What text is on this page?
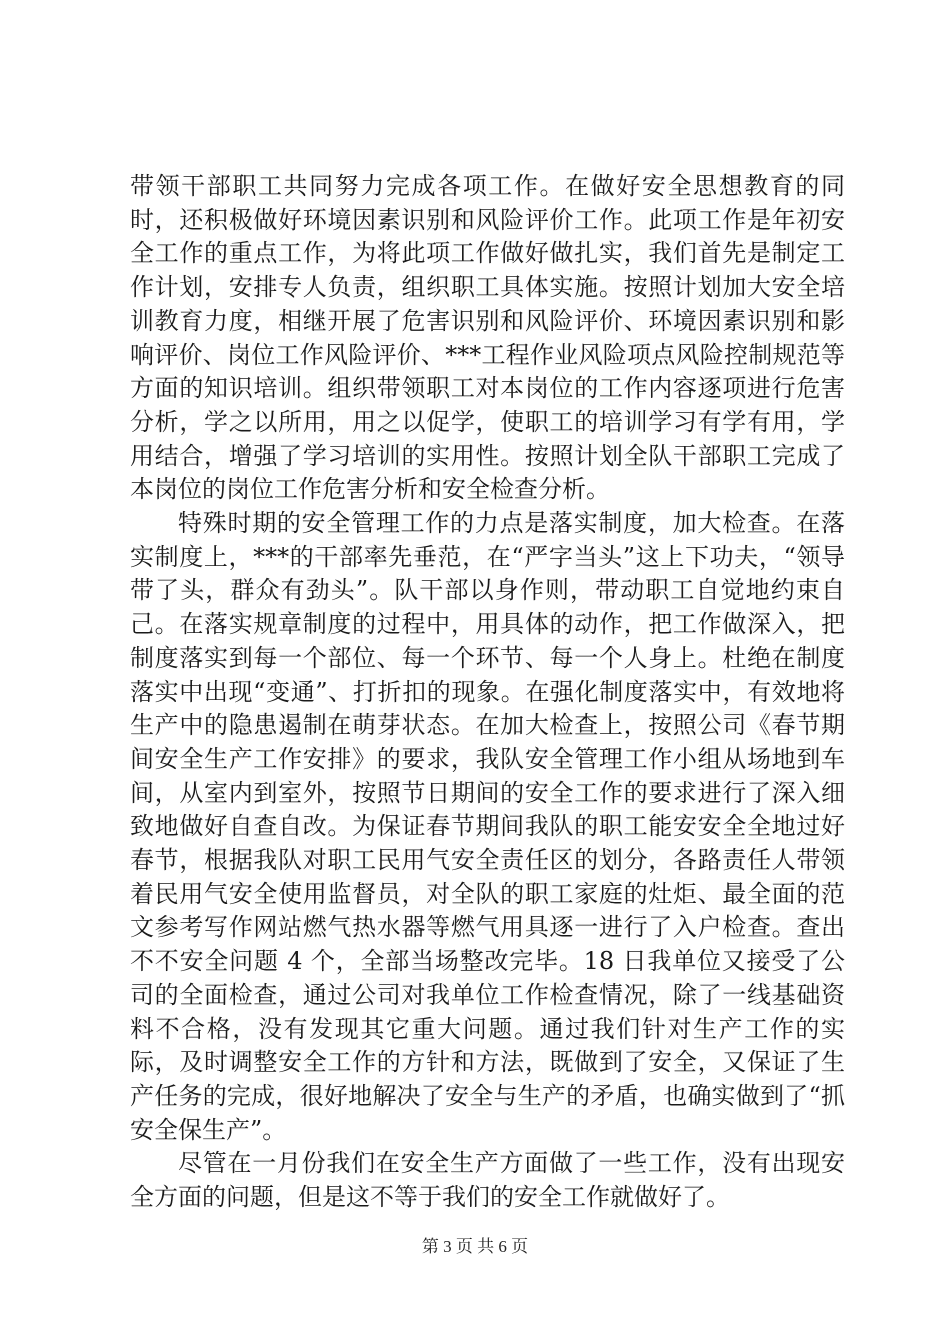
带领干部职工共同努力完成各项工作。在做好安全思想教育的同时，还积极做好环境因素识别和风险评价工作。此项工作是年初安全工作的重点工作，为将此项工作做好做扎实，我们首先是制定工作计划，安排专人负责，组织职工具体实施。按照计划加大安全培训教育力度，相继开展了危害识别和风险评价、环境因素识别和影响评价、岗位工作风险评价、***工程作业风险项点风险控制规范等方面的知识培训。组织带领职工对本岗位的工作内容逐项进行危害分析，学之以所用，用之以促学，使职工的培训学习有学有用，学用结合，增强了学习培训的实用性。按照计划全队干部职工完成了本岗位的岗位工作危害分析和安全检查分析。

特殊时期的安全管理工作的力点是落实制度，加大检查。在落实制度上，***的干部率先垂范，在“严字当头”这上下功夫，“领导带了头，群众有劲头”。队干部以身作则，带动职工自觉地约束自己。在落实规章制度的过程中，用具体的动作，把工作做深入，把制度落实到每一个部位、每一个环节、每一个人身上。杜绝在制度落实中出现“变通”、打折扣的现象。在强化制度落实中，有效地将生产中的隐患遏制在萌芽状态。在加大检查上，按照公司《春节期间安全生产工作安排》的要求，我队安全管理工作小组从场地到车间，从室内到室外，按照节日期间的安全工作的要求进行了深入细致地做好自查自改。为保证春节期间我队的职工能安安全全地过好春节，根据我队对职工民用气安全责任区的划分，各路责任人带领着民用气安全使用监督员，对全队的职工家庭的灶炬、最全面的范文参考写作网站燃气热水器等燃气用具逐一进行了入户检查。查出不不安全问题 4 个，全部当场整改完毕。18 日我单位又接受了公司的全面检查，通过公司对我单位工作检查情况，除了一线基础资料不合格，没有发现其它重大问题。通过我们针对生产工作的实际，及时调整安全工作的方针和方法，既做到了安全，又保证了生产任务的完成，很好地解决了安全与生产的矛盾，也确实做到了“抓安全保生产”。

尽管在一月份我们在安全生产方面做了一些工作，没有出现安全方面的问题，但是这不等于我们的安全工作就做好了。

第 3 页 共 6 页
